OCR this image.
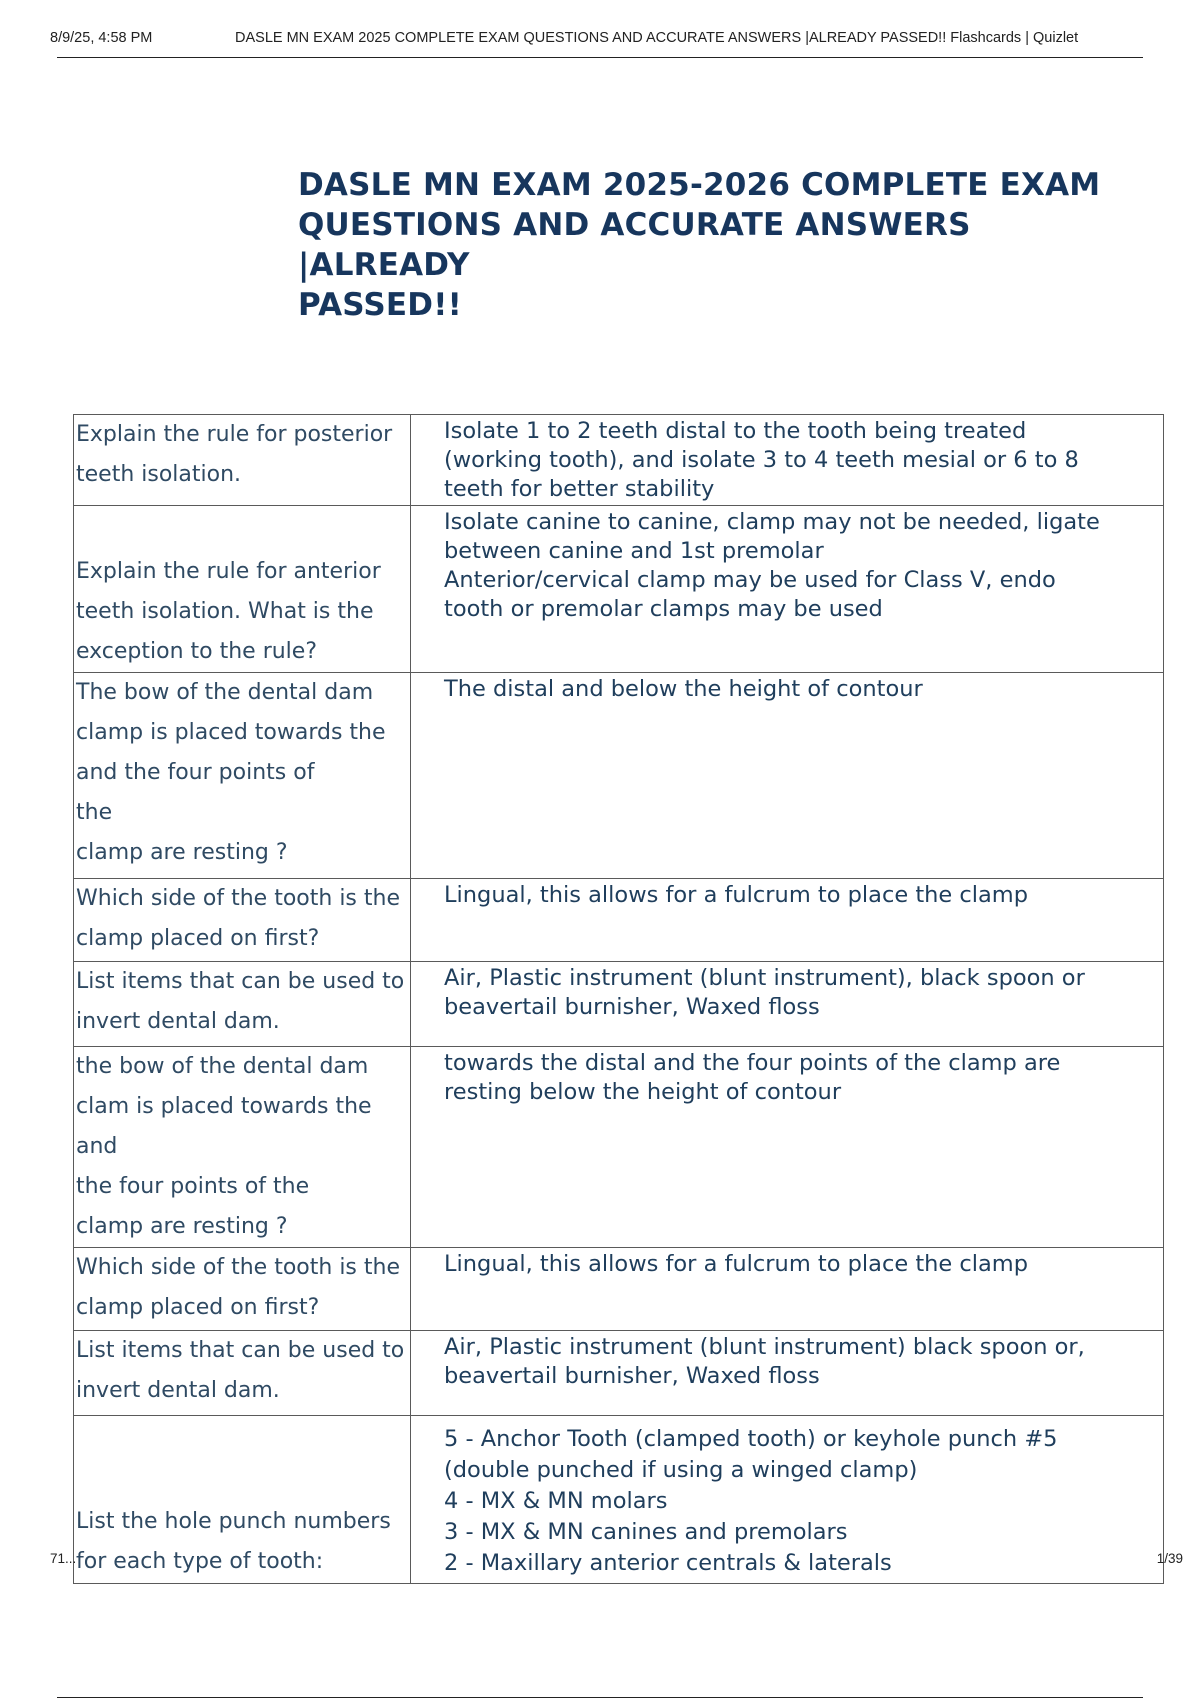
8/9/25, 4:58 PM	DASLE MN EXAM 2025 COMPLETE EXAM QUESTIONS AND ACCURATE ANSWERS |ALREADY PASSED!! Flashcards | Quizlet
DASLE MN EXAM 2025-2026 COMPLETE EXAM
QUESTIONS AND ACCURATE ANSWERS |ALREADY
PASSED!!
Explain the rule for posterior
teeth isolation.	Isolate 1 to 2 teeth distal to the tooth being treated
(working tooth), and isolate 3 to 4 teeth mesial or 6 to 8
teeth for better stability

Explain the rule for anterior
teeth isolation. What is the
exception to the rule?	Isolate canine to canine, clamp may not be needed, ligate
between canine and 1st premolar
Anterior/cervical clamp may be used for Class V, endo
tooth or premolar clamps may be used

The bow of the dental dam
clamp is placed towards the
and the four points of
the
clamp are resting ?	The distal and below the height of contour

Which side of the tooth is the
clamp placed on first?	Lingual, this allows for a fulcrum to place the clamp

List items that can be used to
invert dental dam.	Air, Plastic instrument (blunt instrument), black spoon or
beavertail burnisher, Waxed floss

the bow of the dental dam
clam is placed towards the and
the four points of the
clamp are resting ?	towards the distal and the four points of the clamp are
resting below the height of contour

Which side of the tooth is the
clamp placed on first?	Lingual, this allows for a fulcrum to place the clamp

List items that can be used to
invert dental dam.	Air, Plastic instrument (blunt instrument) black spoon or,
beavertail burnisher, Waxed floss

List the hole punch numbers
for each type of tooth:	5 - Anchor Tooth (clamped tooth) or keyhole punch #5
(double punched if using a winged clamp)
4 - MX & MN molars
3 - MX & MN canines and premolars
2 - Maxillary anterior centrals & laterals
71...	1/39
